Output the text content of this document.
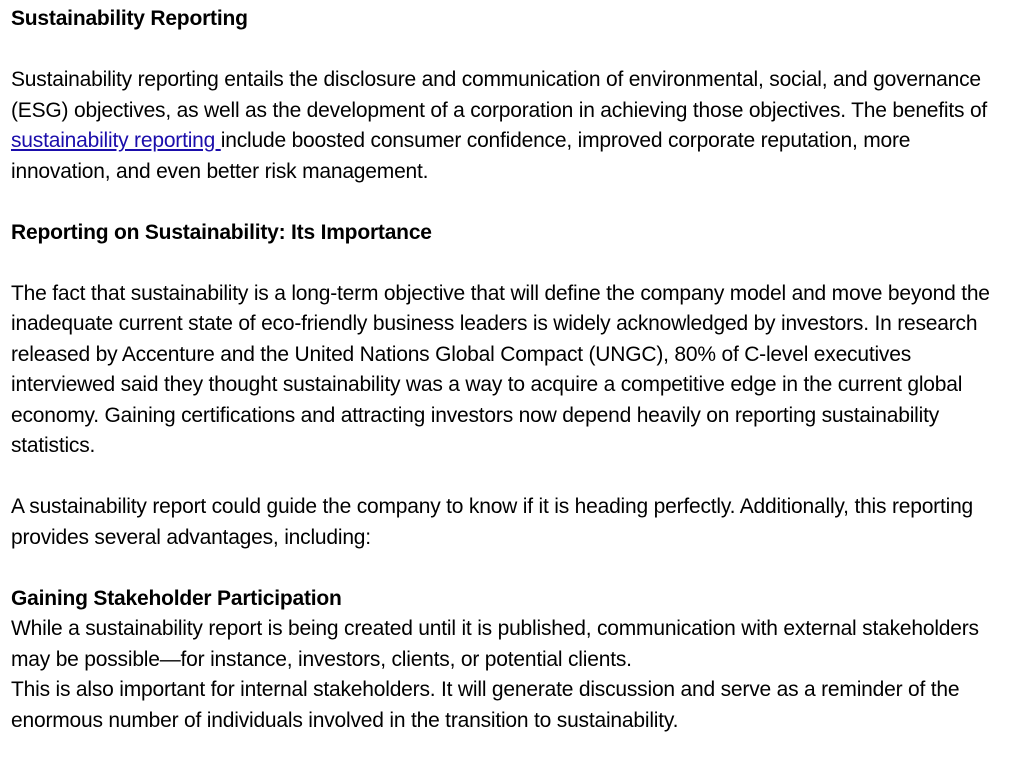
Sustainability Reporting

Sustainability reporting entails the disclosure and communication of environmental, social, and governance (ESG) objectives, as well as the development of a corporation in achieving those objectives. The benefits of sustainability reporting include boosted consumer confidence, improved corporate reputation, more innovation, and even better risk management.

Reporting on Sustainability: Its Importance

The fact that sustainability is a long-term objective that will define the company model and move beyond the inadequate current state of eco-friendly business leaders is widely acknowledged by investors. In research released by Accenture and the United Nations Global Compact (UNGC), 80% of C-level executives interviewed said they thought sustainability was a way to acquire a competitive edge in the current global economy. Gaining certifications and attracting investors now depend heavily on reporting sustainability statistics.

A sustainability report could guide the company to know if it is heading perfectly. Additionally, this reporting provides several advantages, including:

Gaining Stakeholder Participation

While a sustainability report is being created until it is published, communication with external stakeholders may be possible—for instance, investors, clients, or potential clients.

This is also important for internal stakeholders. It will generate discussion and serve as a reminder of the enormous number of individuals involved in the transition to sustainability.
